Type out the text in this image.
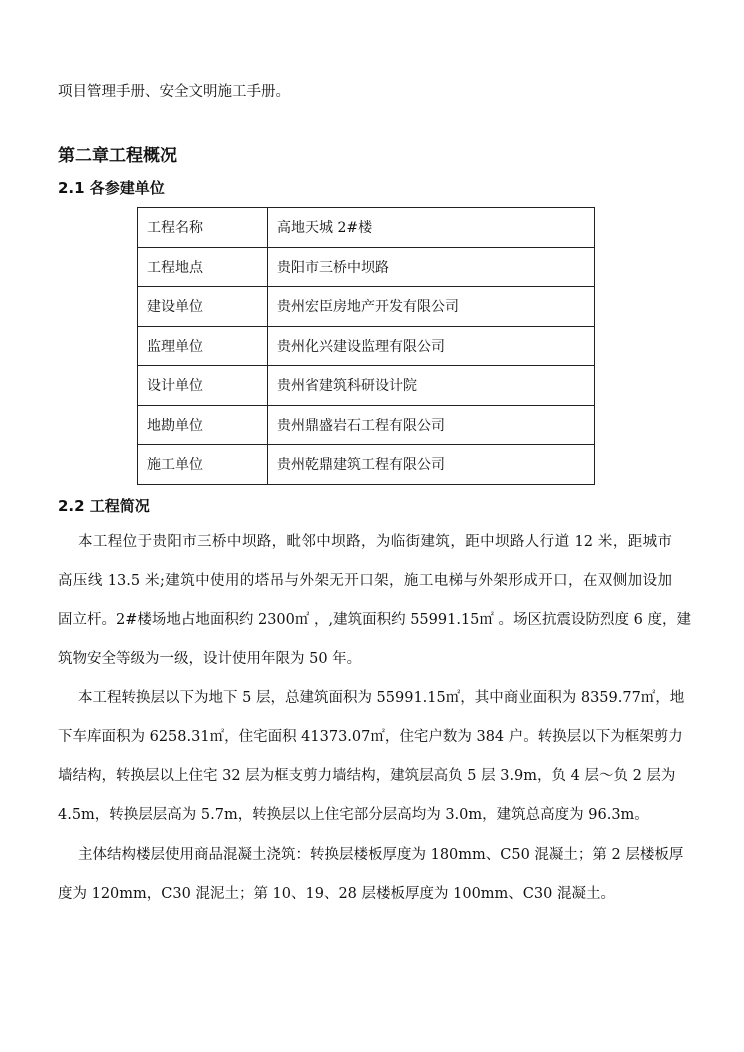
项目管理手册、安全文明施工手册。
第二章工程概况
2.1 各参建单位
工程名称	高地天城 2#楼
工程地点	贵阳市三桥中坝路
建设单位	贵州宏臣房地产开发有限公司
监理单位	贵州化兴建设监理有限公司
设计单位	贵州省建筑科研设计院
地勘单位	贵州鼎盛岩石工程有限公司
施工单位	贵州乾鼎建筑工程有限公司
2.2 工程简况
本工程位于贵阳市三桥中坝路，毗邻中坝路，为临街建筑，距中坝路人行道 12 米，距城市
高压线 13.5 米;建筑中使用的塔吊与外架无开口架，施工电梯与外架形成开口，在双侧加设加
固立杆。2#楼场地占地面积约 2300㎡ ，,建筑面积约 55991.15㎡ 。场区抗震设防烈度 6 度，建
筑物安全等级为一级，设计使用年限为 50 年。
本工程转换层以下为地下 5 层，总建筑面积为 55991.15㎡，其中商业面积为 8359.77㎡，地
下车库面积为 6258.31㎡，住宅面积 41373.07㎡，住宅户数为 384 户。转换层以下为框架剪力
墙结构，转换层以上住宅 32 层为框支剪力墙结构，建筑层高负 5 层 3.9m，负 4 层～负 2 层为
4.5m，转换层层高为 5.7m，转换层以上住宅部分层高均为 3.0m，建筑总高度为 96.3m。
主体结构楼层使用商品混凝土浇筑：转换层楼板厚度为 180mm、C50 混凝土；第 2 层楼板厚
度为 120mm，C30 混泥土；第 10、19、28 层楼板厚度为 100mm、C30 混凝土。
